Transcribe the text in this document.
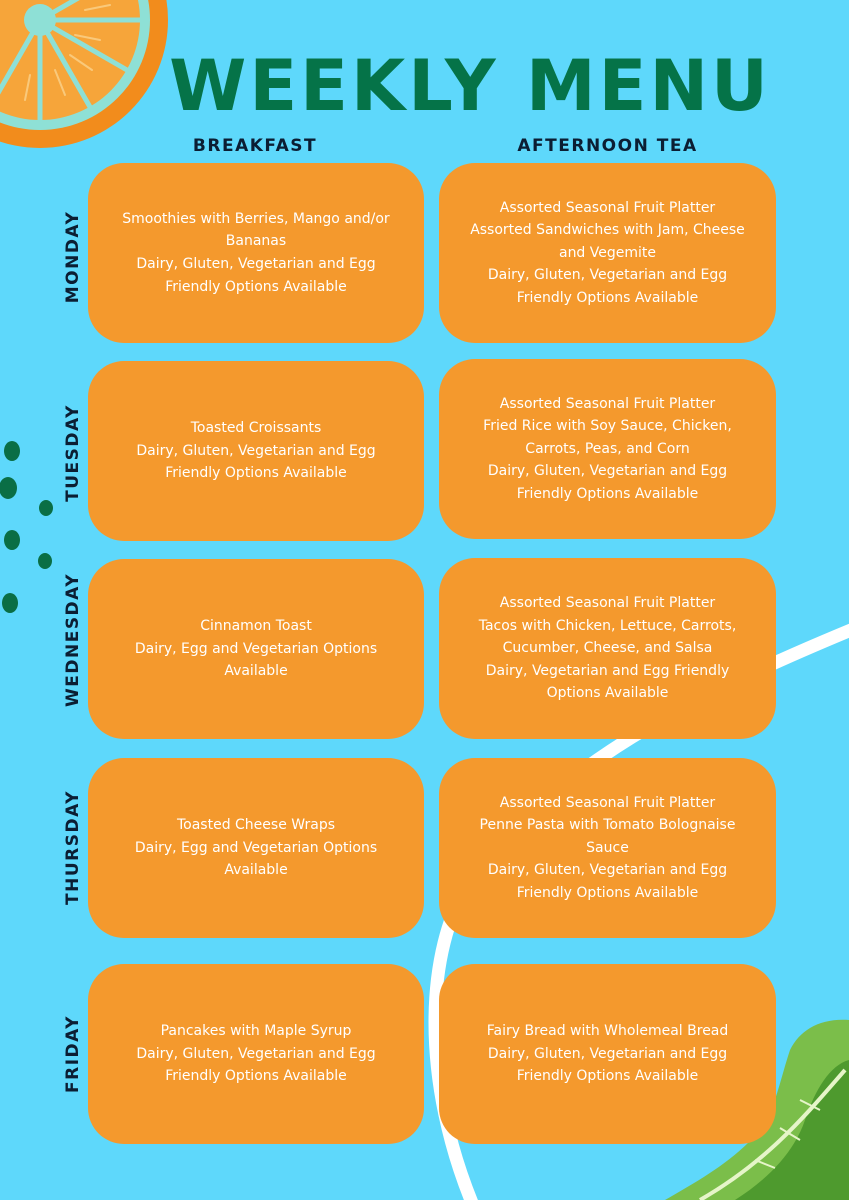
WEEKLY MENU
BREAKFAST	AFTERNOON TEA
MONDAY
TUESDAY
WEDNESDAY
THURSDAY
FRIDAY
Smoothies with Berries, Mango and/or
Bananas
Dairy, Gluten, Vegetarian and Egg
Friendly Options Available
Assorted Seasonal Fruit Platter
Assorted Sandwiches with Jam, Cheese
and Vegemite
Dairy, Gluten, Vegetarian and Egg
Friendly Options Available
Toasted Croissants
Dairy, Gluten, Vegetarian and Egg
Friendly Options Available
Assorted Seasonal Fruit Platter
Fried Rice with Soy Sauce, Chicken,
Carrots, Peas, and Corn
Dairy, Gluten, Vegetarian and Egg
Friendly Options Available
Cinnamon Toast
Dairy, Egg and Vegetarian Options
Available
Assorted Seasonal Fruit Platter
Tacos with Chicken, Lettuce, Carrots,
Cucumber, Cheese, and Salsa
Dairy, Vegetarian and Egg Friendly
Options Available
Toasted Cheese Wraps
Dairy, Egg and Vegetarian Options
Available
Assorted Seasonal Fruit Platter
Penne Pasta with Tomato Bolognaise
Sauce
Dairy, Gluten, Vegetarian and Egg
Friendly Options Available
Pancakes with Maple Syrup
Dairy, Gluten, Vegetarian and Egg
Friendly Options Available
Fairy Bread with Wholemeal Bread
Dairy, Gluten, Vegetarian and Egg
Friendly Options Available
